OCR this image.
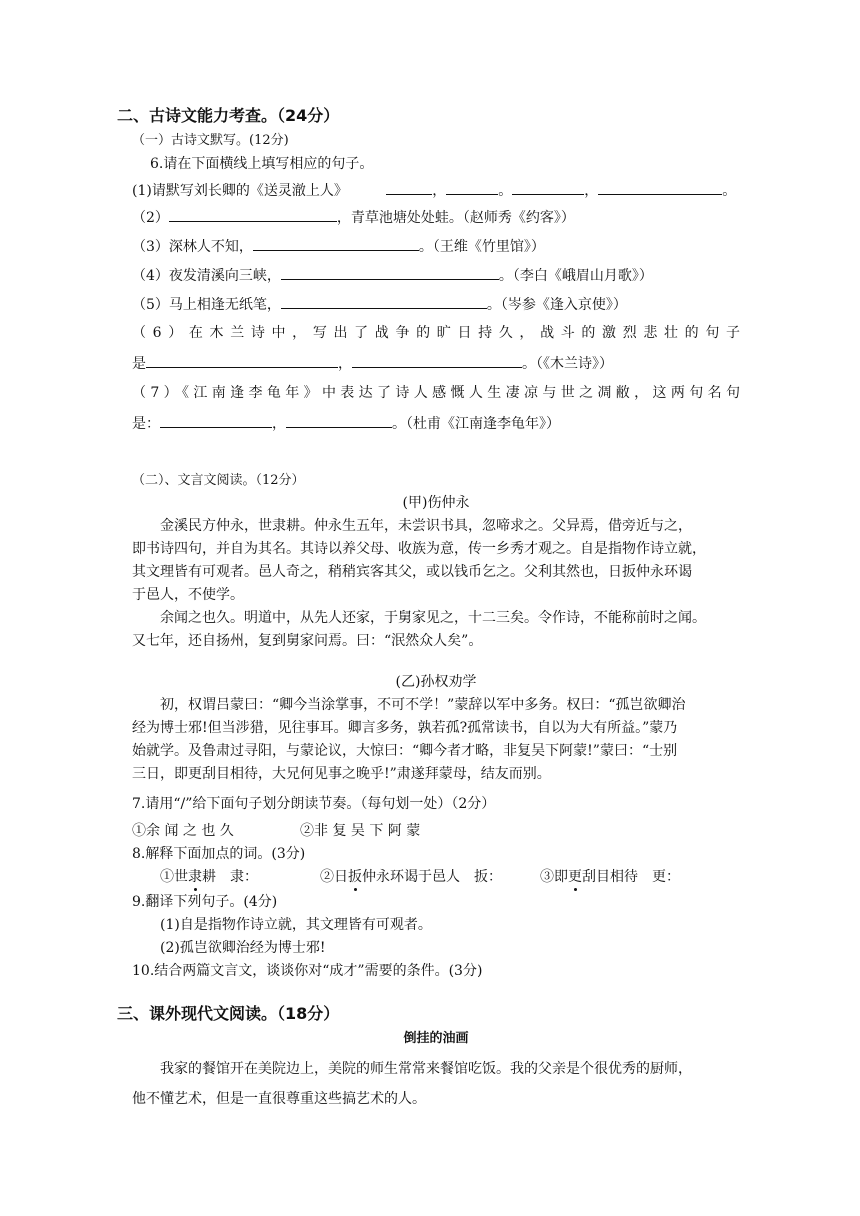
二、古诗文能力考查。（24分）
（一）古诗文默写。(12分)
6.请在下面横线上填写相应的句子。
(1)请默写刘长卿的《送灵澈上人》	，	。	，	。
（2）	，青草池塘处处蛙。（赵师秀《约客》）
（3）深林人不知，	。（王维《竹里馆》）
（4）夜发清溪向三峡，	。（李白《峨眉山月歌》）
（5）马上相逢无纸笔，	。（岑参《逢入京使》）
（6）在木兰诗中，写出了战争的旷日持久，战斗的激烈悲壮的句子
是	，	。（《木兰诗》）
（7）《江南逢李龟年》中表达了诗人感慨人生凄凉与世之凋敝，这两句名句
是：	，	。（杜甫《江南逢李龟年》）
（二）、文言文阅读。（12分）
(甲)伤仲永
金溪民方仲永，世隶耕。仲永生五年，未尝识书具，忽啼求之。父异焉，借旁近与之，
即书诗四句，并自为其名。其诗以养父母、收族为意，传一乡秀才观之。自是指物作诗立就，
其文理皆有可观者。邑人奇之，稍稍宾客其父，或以钱币乞之。父利其然也，日扳仲永环谒
于邑人，不使学。
余闻之也久。明道中，从先人还家，于舅家见之，十二三矣。令作诗，不能称前时之闻。
又七年，还自扬州，复到舅家问焉。曰：“泯然众人矣”。
(乙)孙权劝学
初，权谓吕蒙曰：“卿今当涂掌事，不可不学！”蒙辞以军中多务。权曰：“孤岂欲卿治
经为博士邪!但当涉猎，见往事耳。卿言多务，孰若孤?孤常读书，自以为大有所益。”蒙乃
始就学。及鲁肃过寻阳，与蒙论议，大惊曰：“卿今者才略，非复吴下阿蒙!”蒙曰：“士别
三日，即更刮目相待，大兄何见事之晚乎!”肃遂拜蒙母，结友而别。
7.请用“/”给下面句子划分朗读节奏。（每句划一处）（2分）
①余 闻 之 也 久	②非 复 吴 下 阿 蒙
8.解释下面加点的词。(3分)
①世隶耕　隶：	②日扳仲永环谒于邑人　扳：	③即更刮目相待　更：
9.翻译下列句子。(4分)
(1)自是指物作诗立就，其文理皆有可观者。
(2)孤岂欲卿治经为博士邪!
10.结合两篇文言文，谈谈你对“成才”需要的条件。(3分)
三、课外现代文阅读。（18分）
倒挂的油画
我家的餐馆开在美院边上，美院的师生常常来餐馆吃饭。我的父亲是个很优秀的厨师，
他不懂艺术，但是一直很尊重这些搞艺术的人。
